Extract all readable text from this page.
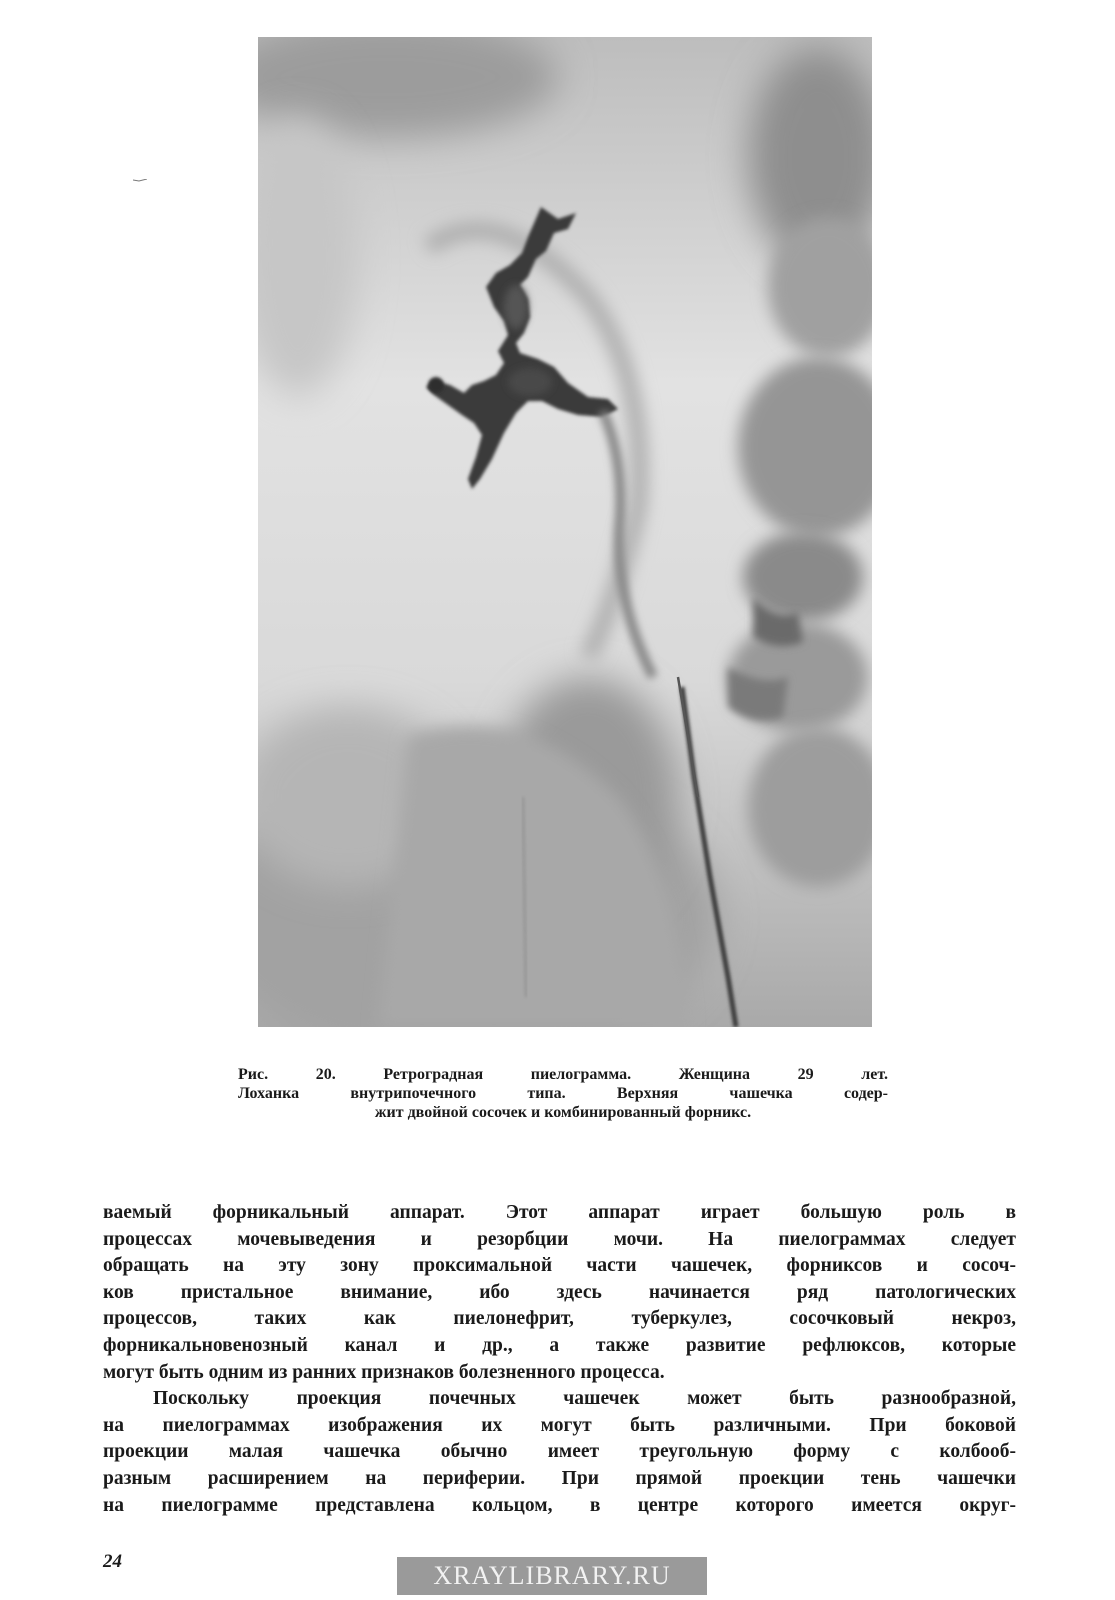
Рис. 20. Ретроградная пиелограмма. Женщина 29 лет.
Лоханка внутрипочечного типа. Верхняя чашечка содер-
жит двойной сосочек и комбинированный форникс.
ваемый форникальный аппарат. Этот аппарат играет большую роль в
процессах мочевыведения и резорбции мочи. На пиелограммах следует
обращать на эту зону проксимальной части чашечек, форниксов и сосоч-
ков пристальное внимание, ибо здесь начинается ряд патологических
процессов, таких как пиелонефрит, туберкулез, сосочковый некроз,
форникальновенозный канал и др., а также развитие рефлюксов, которые
могут быть одним из ранних признаков болезненного процесса.
Поскольку проекция почечных чашечек может быть разнообразной,
на пиелограммах изображения их могут быть различными. При боковой
проекции малая чашечка обычно имеет треугольную форму с колбооб-
разным расширением на периферии. При прямой проекции тень чашечки
на пиелограмме представлена кольцом, в центре которого имеется округ-
24	XRAYLIBRARY.RU
